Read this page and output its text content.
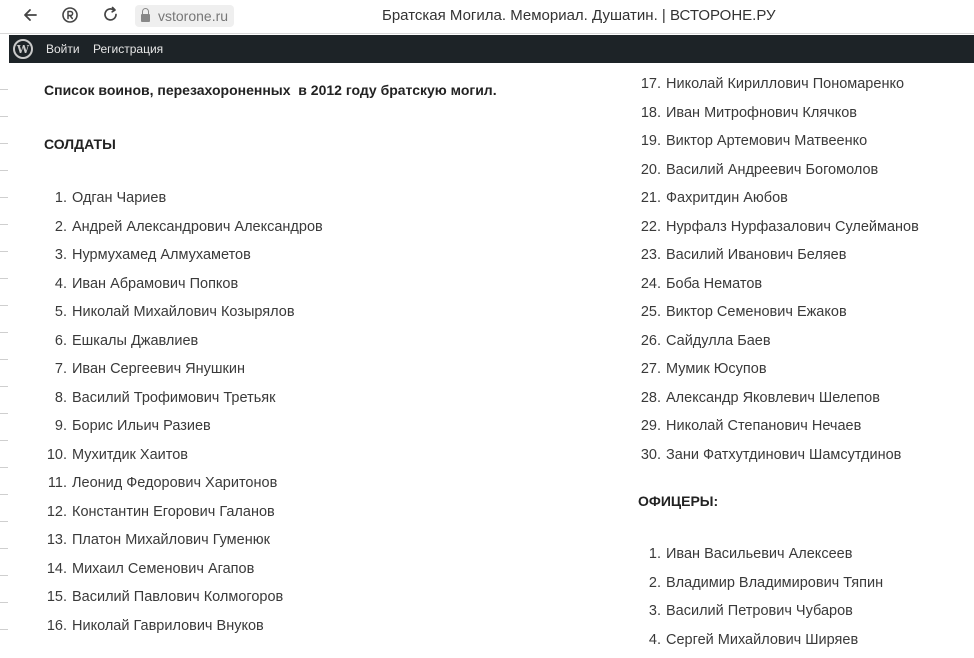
vstorone.ru	Братская Могила. Мемориал. Душатин. | ВСТОРОНЕ.РУ
W	Войти Регистрация
Список воинов, перезахороненных  в 2012 году братскую могил.
СОЛДАТЫ
1. Одган Чариев
2. Андрей Александрович Александров
3. Нурмухамед Алмухаметов
4. Иван Абрамович Попков
5. Николай Михайлович Козырялов
6. Ешкалы Джавлиев
7. Иван Сергеевич Янушкин
8. Василий Трофимович Третьяк
9. Борис Ильич Разиев
10. Мухитдик Хаитов
11. Леонид Федорович Харитонов
12. Константин Егорович Галанов
13. Платон Михайлович Гуменюк
14. Михаил Семенович Агапов
15. Василий Павлович Колмогоров
16. Николай Гаврилович Внуков
17. Николай Кириллович Пономаренко
18. Иван Митрофнович Клячков
19. Виктор Артемович Матвеенко
20. Василий Андреевич Богомолов
21. Фахритдин Аюбов
22. Нурфалз Нурфазалович Сулейманов
23. Василий Иванович Беляев
24. Боба Нематов
25. Виктор Семенович Ежаков
26. Сайдулла Баев
27. Мумик Юсупов
28. Александр Яковлевич Шелепов
29. Николай Степанович Нечаев
30. Зани Фатхутдинович Шамсутдинов
ОФИЦЕРЫ:
1. Иван Васильевич Алексеев
2. Владимир Владимирович Тяпин
3. Василий Петрович Чубаров
4. Сергей Михайлович Ширяев
